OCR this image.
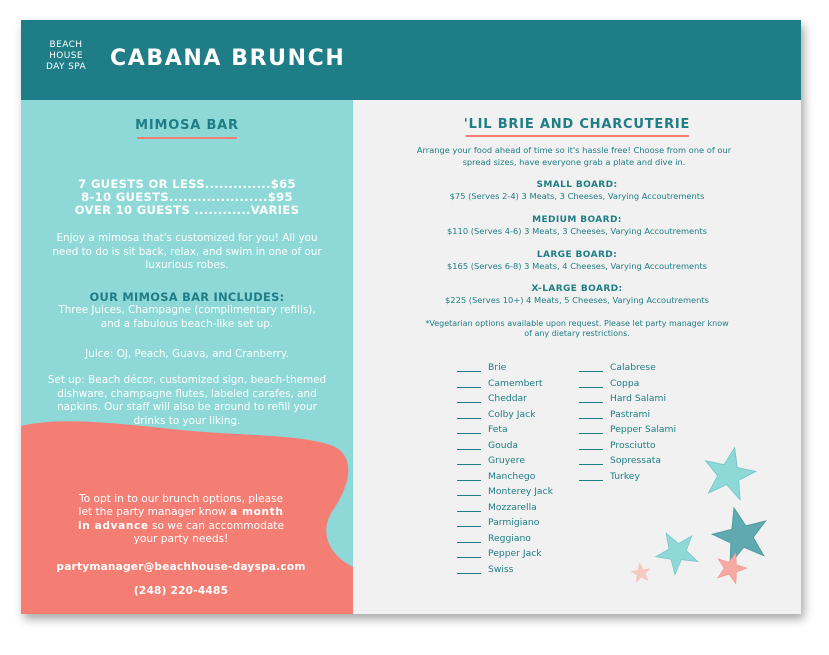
BEACH
HOUSE
DAY SPA CABANA BRUNCH
MIMOSA BAR
7 GUESTS OR LESS..............$65
8-10 GUESTS.....................$95
OVER 10 GUESTS ............VARIES
Enjoy a mimosa that's customized for you! All you need to do is sit back, relax, and swim in one of our luxurious robes.
OUR MIMOSA BAR INCLUDES:
Three Juices, Champagne (complimentary refills), and a fabulous beach-like set up.
Juice: OJ, Peach, Guava, and Cranberry.
Set up: Beach décor, customized sign, beach-themed dishware, champagne flutes, labeled carafes, and napkins. Our staff will also be around to refill your drinks to your liking.
To opt in to our brunch options, please let the party manager know a month in advance so we can accommodate your party needs!
partymanager@beachhouse-dayspa.com
(248) 220-4485
'LIL BRIE AND CHARCUTERIE
Arrange your food ahead of time so it's hassle free! Choose from one of our spread sizes, have everyone grab a plate and dive in.
SMALL BOARD:
$75 (Serves 2-4) 3 Meats, 3 Cheeses, Varying Accoutrements
MEDIUM BOARD:
$110 (Serves 4-6) 3 Meats, 3 Cheeses, Varying Accoutrements
LARGE BOARD:
$165 (Serves 6-8) 3 Meats, 4 Cheeses, Varying Accoutrements
X-LARGE BOARD:
$225 (Serves 10+) 4 Meats, 5 Cheeses, Varying Accoutrements
*Vegetarian options available upon request. Please let party manager know of any dietary restrictions.
Brie
Camembert
Cheddar
Colby Jack
Feta
Gouda
Gruyere
Manchego
Monterey Jack
Mozzarella
Parmigiano
Reggiano
Pepper Jack
Swiss
Calabrese
Coppa
Hard Salami
Pastrami
Pepper Salami
Prosciutto
Sopressata
Turkey
